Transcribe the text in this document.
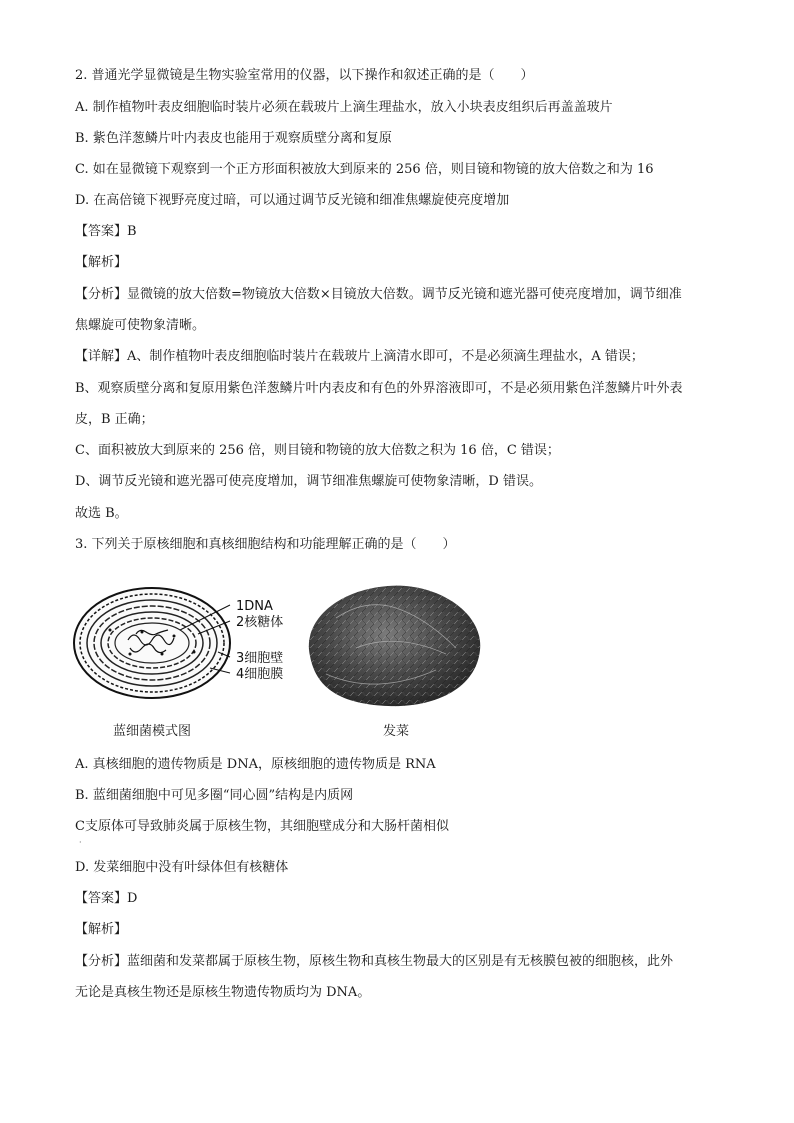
2. 普通光学显微镜是生物实验室常用的仪器，以下操作和叙述正确的是（　　）
A. 制作植物叶表皮细胞临时装片必须在载玻片上滴生理盐水，放入小块表皮组织后再盖盖玻片
B. 紫色洋葱鳞片叶内表皮也能用于观察质壁分离和复原
C. 如在显微镜下观察到一个正方形面积被放大到原来的 256 倍，则目镜和物镜的放大倍数之和为 16
D. 在高倍镜下视野亮度过暗，可以通过调节反光镜和细准焦螺旋使亮度增加
【答案】B
【解析】
【分析】显微镜的放大倍数=物镜放大倍数×目镜放大倍数。调节反光镜和遮光器可使亮度增加，调节细准
焦螺旋可使物象清晰。
【详解】A、制作植物叶表皮细胞临时装片在载玻片上滴清水即可，不是必须滴生理盐水，A 错误；
B、观察质壁分离和复原用紫色洋葱鳞片叶内表皮和有色的外界溶液即可，不是必须用紫色洋葱鳞片叶外表
皮，B 正确；
C、面积被放大到原来的 256 倍，则目镜和物镜的放大倍数之积为 16 倍，C 错误；
D、调节反光镜和遮光器可使亮度增加，调节细准焦螺旋可使物象清晰，D 错误。
故选 B。
3. 下列关于原核细胞和真核细胞结构和功能理解正确的是（　　）
1DNA
2核糖体
3细胞壁
4细胞膜
蓝细菌模式图	发菜
A. 真核细胞的遗传物质是 DNA，原核细胞的遗传物质是 RNA
B. 蓝细菌细胞中可见多圈“同心圆”结构是内质网
C支原体可导致肺炎属于原核生物，其细胞壁成分和大肠杆菌相似
·
D. 发菜细胞中没有叶绿体但有核糖体
【答案】D
【解析】
【分析】蓝细菌和发菜都属于原核生物，原核生物和真核生物最大的区别是有无核膜包被的细胞核，此外
无论是真核生物还是原核生物遗传物质均为 DNA。
